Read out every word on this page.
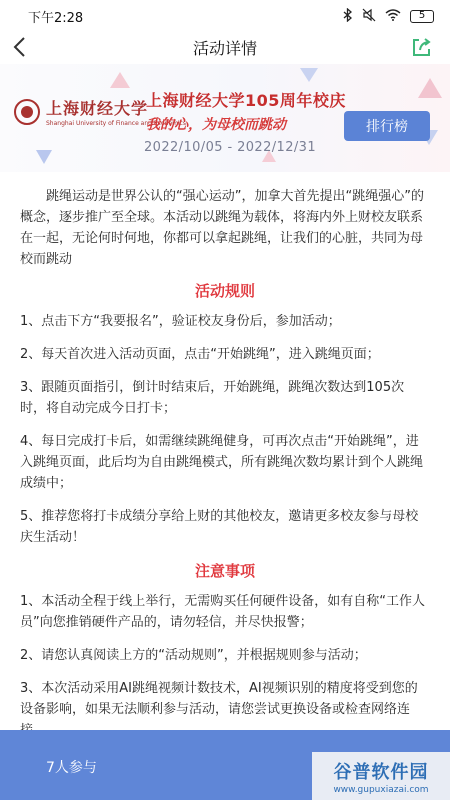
下午2:28	5
活动详情
上海财经大学
Shanghai University of Finance and Economics
上海财经大学105周年校庆
我的心，为母校而跳动
2022/10/05 - 2022/12/31
排行榜

跳绳运动是世界公认的“强心运动”，加拿大首先提出“跳绳强心”的概念，逐步推广至全球。本活动以跳绳为载体，将海内外上财校友联系在一起，无论何时何地，你都可以拿起跳绳，让我们的心脏，共同为母校而跳动

活动规则

1、点击下方“我要报名”，验证校友身份后，参加活动；

2、每天首次进入活动页面，点击“开始跳绳”，进入跳绳页面；

3、跟随页面指引，倒计时结束后，开始跳绳，跳绳次数达到105次时，将自动完成今日打卡；

4、每日完成打卡后，如需继续跳绳健身，可再次点击“开始跳绳”，进入跳绳页面，此后均为自由跳绳模式，所有跳绳次数均累计到个人跳绳成绩中；

5、推荐您将打卡成绩分享给上财的其他校友，邀请更多校友参与母校庆生活动！

注意事项

1、本活动全程于线上举行，无需购买任何硬件设备，如有自称“工作人员”向您推销硬件产品的，请勿轻信，并尽快报警；

2、请您认真阅读上方的“活动规则”，并根据规则参与活动；

3、本次活动采用AI跳绳视频计数技术，AI视频识别的精度将受到您的设备影响，如果无法顺利参与活动，请您尝试更换设备或检查网络连

7人参与	谷普软件园
www.gupuxiazai.com
